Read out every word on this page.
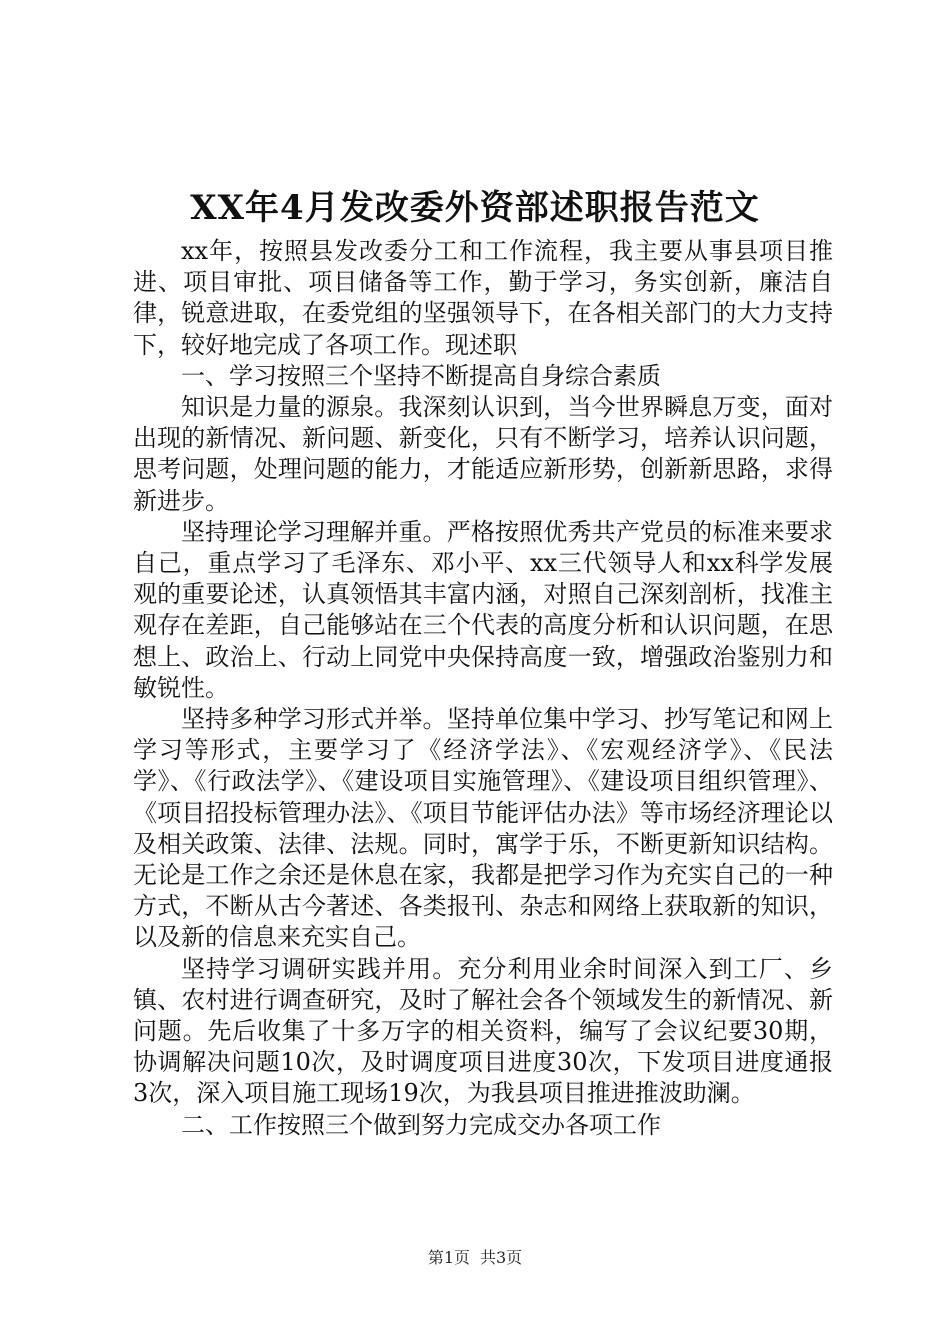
XX年4月发改委外资部述职报告范文

xx年，按照县发改委分工和工作流程，我主要从事县项目推进、项目审批、项目储备等工作，勤于学习，务实创新，廉洁自律，锐意进取，在委党组的坚强领导下，在各相关部门的大力支持下，较好地完成了各项工作。现述职

一、学习按照三个坚持不断提高自身综合素质

知识是力量的源泉。我深刻认识到，当今世界瞬息万变，面对出现的新情况、新问题、新变化，只有不断学习，培养认识问题，思考问题，处理问题的能力，才能适应新形势，创新新思路，求得新进步。

坚持理论学习理解并重。严格按照优秀共产党员的标准来要求自己，重点学习了毛泽东、邓小平、xx三代领导人和xx科学发展观的重要论述，认真领悟其丰富内涵，对照自己深刻剖析，找准主观存在差距，自己能够站在三个代表的高度分析和认识问题，在思想上、政治上、行动上同党中央保持高度一致，增强政治鉴别力和敏锐性。

坚持多种学习形式并举。坚持单位集中学习、抄写笔记和网上学习等形式，主要学习了《经济学法》、《宏观经济学》、《民法学》、《行政法学》、《建设项目实施管理》、《建设项目组织管理》、《项目招投标管理办法》、《项目节能评估办法》等市场经济理论以及相关政策、法律、法规。同时，寓学于乐，不断更新知识结构。无论是工作之余还是休息在家，我都是把学习作为充实自己的一种方式，不断从古今著述、各类报刊、杂志和网络上获取新的知识，以及新的信息来充实自己。

坚持学习调研实践并用。充分利用业余时间深入到工厂、乡镇、农村进行调查研究，及时了解社会各个领域发生的新情况、新问题。先后收集了十多万字的相关资料，编写了会议纪要30期，协调解决问题10次，及时调度项目进度30次，下发项目进度通报3次，深入项目施工现场19次，为我县项目推进推波助澜。

二、工作按照三个做到努力完成交办各项工作

第1页 共3页
